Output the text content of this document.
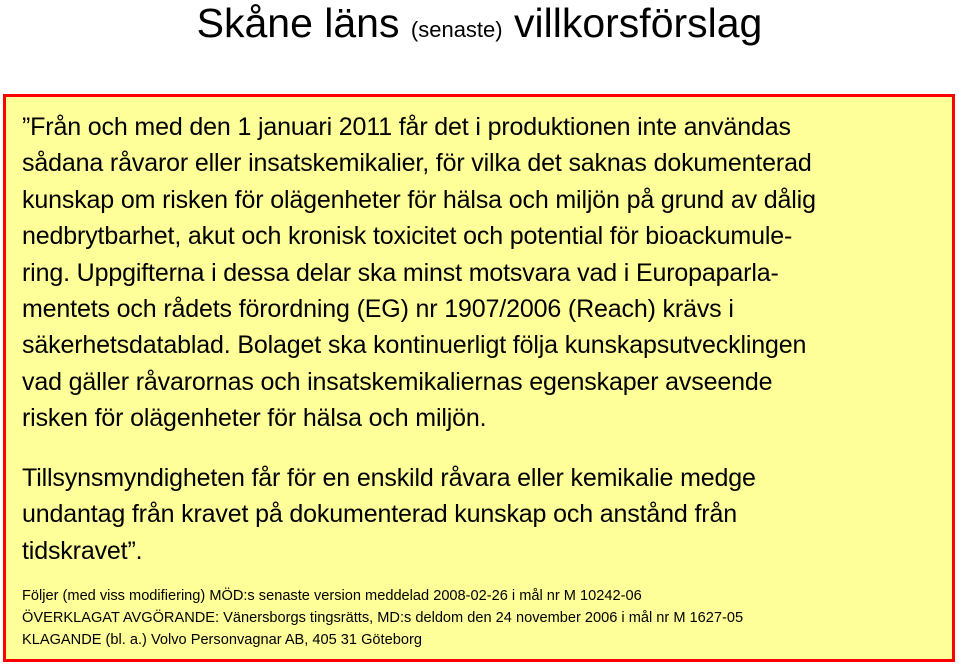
Skåne läns (senaste) villkorsförslag

”Från och med den 1 januari 2011 får det i produktionen inte användas
sådana råvaror eller insatskemikalier, för vilka det saknas dokumenterad
kunskap om risken för olägenheter för hälsa och miljön på grund av dålig
nedbrytbarhet, akut och kronisk toxicitet och potential för bioackumule-
ring. Uppgifterna i dessa delar ska minst motsvara vad i Europaparla-
mentets och rådets förordning (EG) nr 1907/2006 (Reach) krävs i
säkerhetsdatablad. Bolaget ska kontinuerligt följa kunskapsutvecklingen
vad gäller råvarornas och insatskemikaliernas egenskaper avseende
risken för olägenheter för hälsa och miljön.

Tillsynsmyndigheten får för en enskild råvara eller kemikalie medge
undantag från kravet på dokumenterad kunskap och anstånd från
tidskravet”.

Följer (med viss modifiering) MÖD:s senaste version meddelad 2008-02-26 i mål nr M 10242-06
ÖVERKLAGAT AVGÖRANDE: Vänersborgs tingsrätts, MD:s deldom den 24 november 2006 i mål nr M 1627-05
KLAGANDE (bl. a.) Volvo Personvagnar AB, 405 31 Göteborg
